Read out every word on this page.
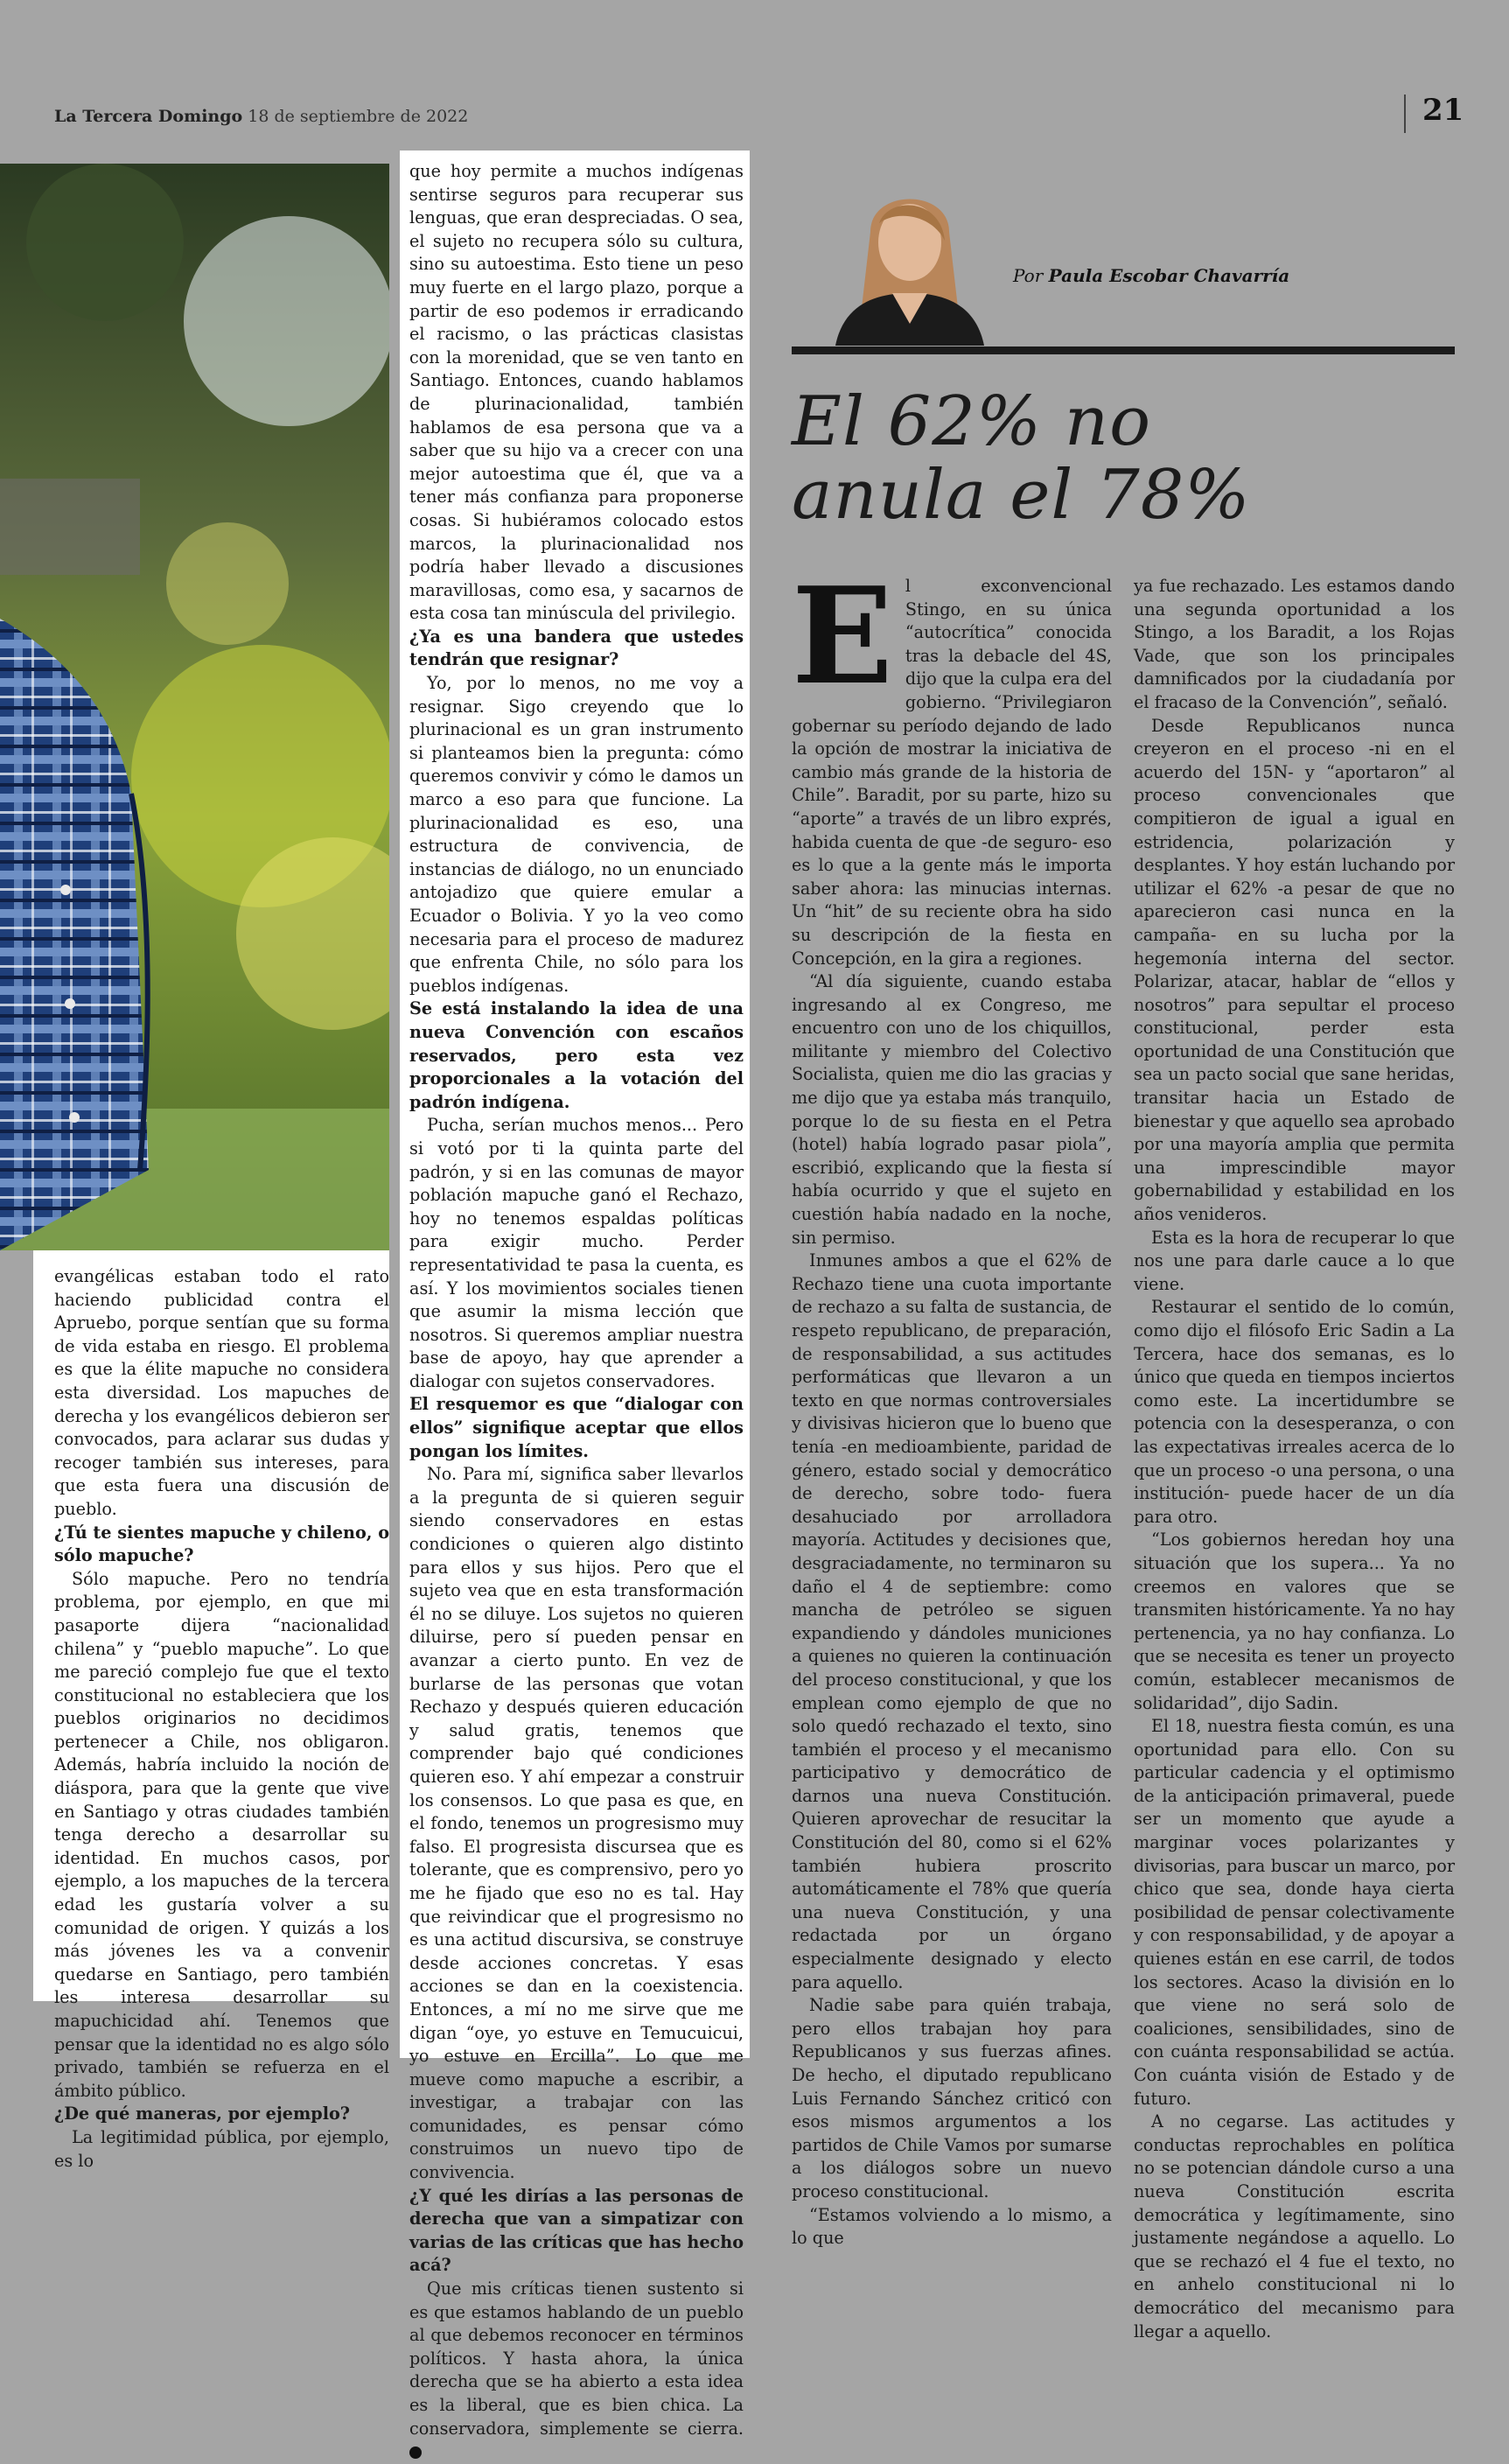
La Tercera Domingo 18 de septiembre de 2022	21

evangélicas estaban todo el rato haciendo publicidad contra el Apruebo, porque sentían que su forma de vida estaba en riesgo. El problema es que la élite mapuche no considera esta diversidad. Los mapuches de derecha y los evangélicos debieron ser convocados, para aclarar sus dudas y recoger también sus intereses, para que esta fuera una discusión de pueblo.

¿Tú te sientes mapuche y chileno, o sólo mapuche?

Sólo mapuche. Pero no tendría problema, por ejemplo, en que mi pasaporte dijera “nacionalidad chilena” y “pueblo mapuche”. Lo que me pareció complejo fue que el texto constitucional no estableciera que los pueblos originarios no decidimos pertenecer a Chile, nos obligaron. Además, habría incluido la noción de diáspora, para que la gente que vive en Santiago y otras ciudades también tenga derecho a desarrollar su identidad. En muchos casos, por ejemplo, a los mapuches de la tercera edad les gustaría volver a su comunidad de origen. Y quizás a los más jóvenes les va a convenir quedarse en Santiago, pero también les interesa desarrollar su mapuchicidad ahí. Tenemos que pensar que la identidad no es algo sólo privado, también se refuerza en el ámbito público.

¿De qué maneras, por ejemplo?

La legitimidad pública, por ejemplo, es lo

que hoy permite a muchos indígenas sentirse seguros para recuperar sus lenguas, que eran despreciadas. O sea, el sujeto no recupera sólo su cultura, sino su autoestima. Esto tiene un peso muy fuerte en el largo plazo, porque a partir de eso podemos ir erradicando el racismo, o las prácticas clasistas con la morenidad, que se ven tanto en Santiago. Entonces, cuando hablamos de plurinacionalidad, también hablamos de esa persona que va a saber que su hijo va a crecer con una mejor autoestima que él, que va a tener más confianza para proponerse cosas. Si hubiéramos colocado estos marcos, la plurinacionalidad nos podría haber llevado a discusiones maravillosas, como esa, y sacarnos de esta cosa tan minúscula del privilegio.

¿Ya es una bandera que ustedes tendrán que resignar?

Yo, por lo menos, no me voy a resignar. Sigo creyendo que lo plurinacional es un gran instrumento si planteamos bien la pregunta: cómo queremos convivir y cómo le damos un marco a eso para que funcione. La plurinacionalidad es eso, una estructura de convivencia, de instancias de diálogo, no un enunciado antojadizo que quiere emular a Ecuador o Bolivia. Y yo la veo como necesaria para el proceso de madurez que enfrenta Chile, no sólo para los pueblos indígenas.

Se está instalando la idea de una nueva Convención con escaños reservados, pero esta vez proporcionales a la votación del padrón indígena.

Pucha, serían muchos menos... Pero si votó por ti la quinta parte del padrón, y si en las comunas de mayor población mapuche ganó el Rechazo, hoy no tenemos espaldas políticas para exigir mucho. Perder representatividad te pasa la cuenta, es así. Y los movimientos sociales tienen que asumir la misma lección que nosotros. Si queremos ampliar nuestra base de apoyo, hay que aprender a dialogar con sujetos conservadores.

El resquemor es que “dialogar con ellos” signifique aceptar que ellos pongan los límites.

No. Para mí, significa saber llevarlos a la pregunta de si quieren seguir siendo conservadores en estas condiciones o quieren algo distinto para ellos y sus hijos. Pero que el sujeto vea que en esta transformación él no se diluye. Los sujetos no quieren diluirse, pero sí pueden pensar en avanzar a cierto punto. En vez de burlarse de las personas que votan Rechazo y después quieren educación y salud gratis, tenemos que comprender bajo qué condiciones quieren eso. Y ahí empezar a construir los consensos. Lo que pasa es que, en el fondo, tenemos un progresismo muy falso. El progresista discursea que es tolerante, que es comprensivo, pero yo me he fijado que eso no es tal. Hay que reivindicar que el progresismo no es una actitud discursiva, se construye desde acciones concretas. Y esas acciones se dan en la coexistencia. Entonces, a mí no me sirve que me digan “oye, yo estuve en Temucuicui, yo estuve en Ercilla”. Lo que me mueve como mapuche a escribir, a investigar, a trabajar con las comunidades, es pensar cómo construimos un nuevo tipo de convivencia.

¿Y qué les dirías a las personas de derecha que van a simpatizar con varias de las críticas que has hecho acá?

Que mis críticas tienen sustento si es que estamos hablando de un pueblo al que debemos reconocer en términos políticos. Y hasta ahora, la única derecha que se ha abierto a esta idea es la liberal, que es bien chica. La conservadora, simplemente se cierra.

Por Paula Escobar Chavarría
El 62% no
anula el 78%

El exconvencional Stingo, en su única “autocrítica” conocida tras la debacle del 4S, dijo que la culpa era del gobierno. “Privilegiaron gobernar su período dejando de lado la opción de mostrar la iniciativa de cambio más grande de la historia de Chile”. Baradit, por su parte, hizo su “aporte” a través de un libro exprés, habida cuenta de que -de seguro- eso es lo que a la gente más le importa saber ahora: las minucias internas. Un “hit” de su reciente obra ha sido su descripción de la fiesta en Concepción, en la gira a regiones.

“Al día siguiente, cuando estaba ingresando al ex Congreso, me encuentro con uno de los chiquillos, militante y miembro del Colectivo Socialista, quien me dio las gracias y me dijo que ya estaba más tranquilo, porque lo de su fiesta en el Petra (hotel) había logrado pasar piola”, escribió, explicando que la fiesta sí había ocurrido y que el sujeto en cuestión había nadado en la noche, sin permiso.

Inmunes ambos a que el 62% de Rechazo tiene una cuota importante de rechazo a su falta de sustancia, de respeto republicano, de preparación, de responsabilidad, a sus actitudes performáticas que llevaron a un texto en que normas controversiales y divisivas hicieron que lo bueno que tenía -en medioambiente, paridad de género, estado social y democrático de derecho, sobre todo- fuera desahuciado por arrolladora mayoría. Actitudes y decisiones que, desgraciadamente, no terminaron su daño el 4 de septiembre: como mancha de petróleo se siguen expandiendo y dándoles municiones a quienes no quieren la continuación del proceso constitucional, y que los emplean como ejemplo de que no solo quedó rechazado el texto, sino también el proceso y el mecanismo participativo y democrático de darnos una nueva Constitución. Quieren aprovechar de resucitar la Constitución del 80, como si el 62% también hubiera proscrito automáticamente el 78% que quería una nueva Constitución, y una redactada por un órgano especialmente designado y electo para aquello.

Nadie sabe para quién trabaja, pero ellos trabajan hoy para Republicanos y sus fuerzas afines. De hecho, el diputado republicano Luis Fernando Sánchez criticó con esos mismos argumentos a los partidos de Chile Vamos por sumarse a los diálogos sobre un nuevo proceso constitucional.

“Estamos volviendo a lo mismo, a lo que

ya fue rechazado. Les estamos dando una segunda oportunidad a los Stingo, a los Baradit, a los Rojas Vade, que son los principales damnificados por la ciudadanía por el fracaso de la Convención”, señaló.

Desde Republicanos nunca creyeron en el proceso -ni en el acuerdo del 15N- y “aportaron” al proceso convencionales que compitieron de igual a igual en estridencia, polarización y desplantes. Y hoy están luchando por utilizar el 62% -a pesar de que no aparecieron casi nunca en la campaña- en su lucha por la hegemonía interna del sector. Polarizar, atacar, hablar de “ellos y nosotros” para sepultar el proceso constitucional, perder esta oportunidad de una Constitución que sea un pacto social que sane heridas, transitar hacia un Estado de bienestar y que aquello sea aprobado por una mayoría amplia que permita una imprescindible mayor gobernabilidad y estabilidad en los años venideros.

Esta es la hora de recuperar lo que nos une para darle cauce a lo que viene.

Restaurar el sentido de lo común, como dijo el filósofo Eric Sadin a La Tercera, hace dos semanas, es lo único que queda en tiempos inciertos como este. La incertidumbre se potencia con la desesperanza, o con las expectativas irreales acerca de lo que un proceso -o una persona, o una institución- puede hacer de un día para otro.

“Los gobiernos heredan hoy una situación que los supera... Ya no creemos en valores que se transmiten históricamente. Ya no hay pertenencia, ya no hay confianza. Lo que se necesita es tener un proyecto común, establecer mecanismos de solidaridad”, dijo Sadin.

El 18, nuestra fiesta común, es una oportunidad para ello. Con su particular cadencia y el optimismo de la anticipación primaveral, puede ser un momento que ayude a marginar voces polarizantes y divisorias, para buscar un marco, por chico que sea, donde haya cierta posibilidad de pensar colectivamente y con responsabilidad, y de apoyar a quienes están en ese carril, de todos los sectores. Acaso la división en lo que viene no será solo de coaliciones, sensibilidades, sino de con cuánta responsabilidad se actúa. Con cuánta visión de Estado y de futuro.

A no cegarse. Las actitudes y conductas reprochables en política no se potencian dándole curso a una nueva Constitución escrita democrática y legítimamente, sino justamente negándose a aquello. Lo que se rechazó el 4 fue el texto, no en anhelo constitucional ni lo democrático del mecanismo para llegar a aquello.
